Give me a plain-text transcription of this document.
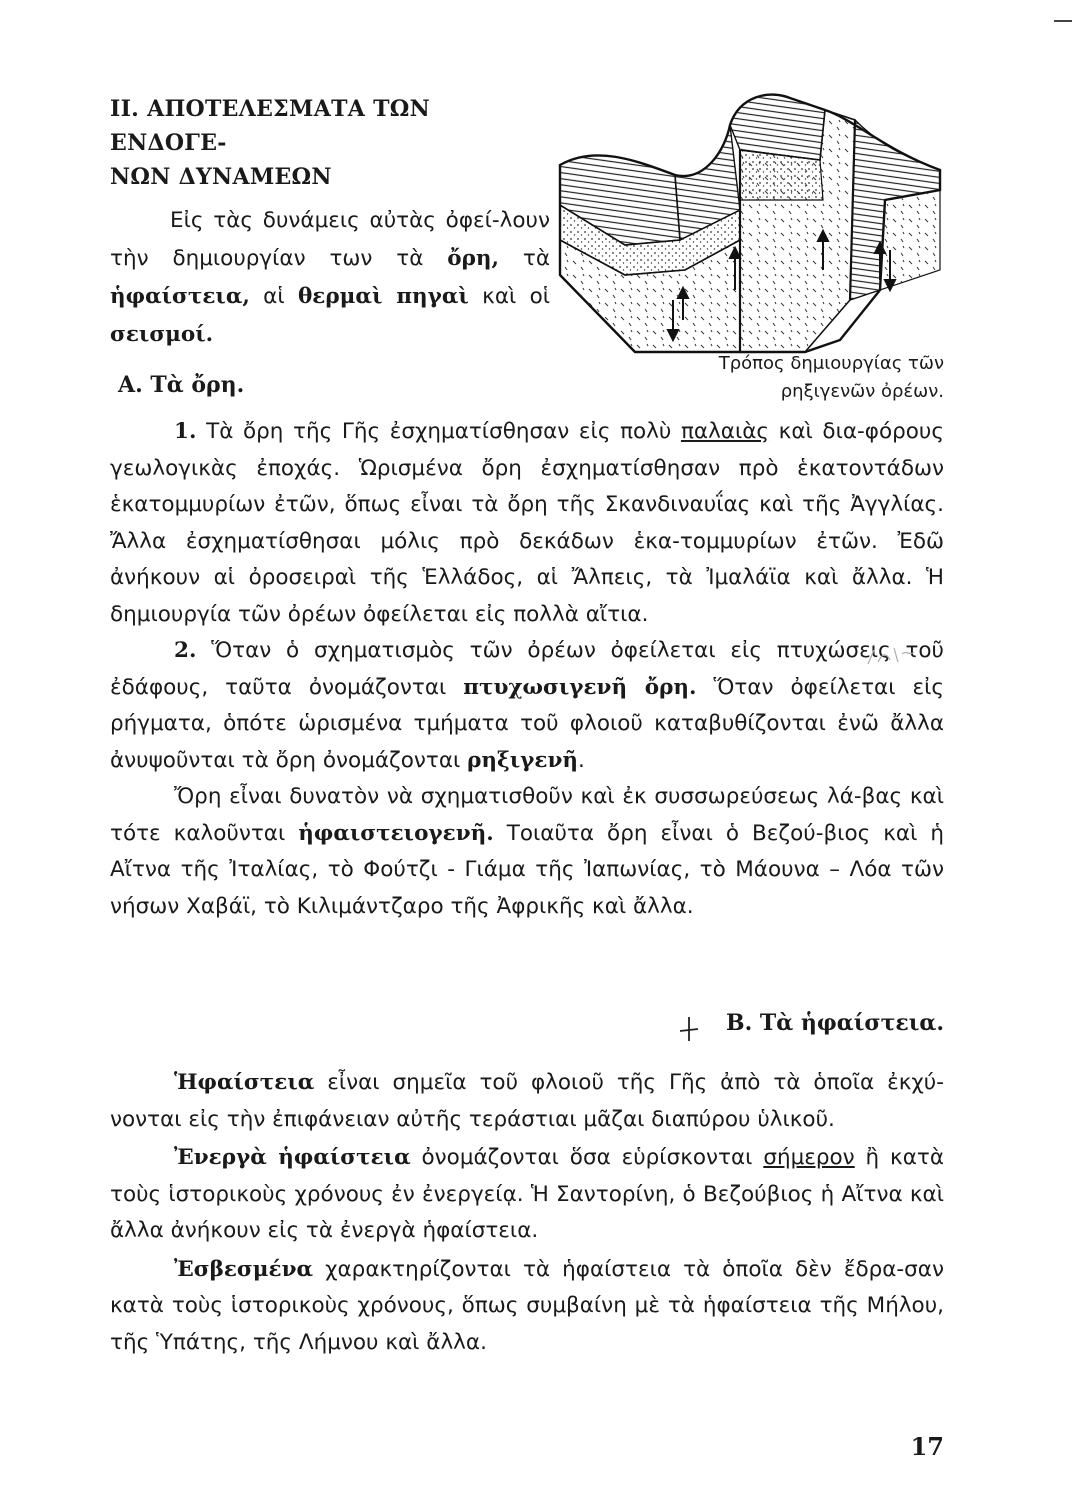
ΙΙ. ΑΠΟΤΕΛΕΣΜΑΤΑ ΤΩΝ ΕΝΔΟΓΕ-
ΝΩΝ ΔΥΝΑΜΕΩΝ

Εἰς τὰς δυνάμεις αὐτὰς ὀφεί-λουν τὴν δημιουργίαν των τὰ ὄρη, τὰ ἡφαίστεια, αἱ θερμαὶ πηγαὶ καὶ οἱ σεισμοί.

Τρόπος δημιουργίας τῶν
ρηξιγενῶν ὀρέων.
Α. Τὰ ὄρη.

1. Τὰ ὄρη τῆς Γῆς ἐσχηματίσθησαν εἰς πολὺ παλαιὰς καὶ δια-φόρους γεωλογικὰς ἐποχάς. Ὡρισμένα ὄρη ἐσχηματίσθησαν πρὸ ἑκατοντάδων ἑκατομμυρίων ἐτῶν, ὅπως εἶναι τὰ ὄρη τῆς Σκανδιναυΐας καὶ τῆς Ἀγγλίας. Ἄλλα ἐσχηματίσθησαι μόλις πρὸ δεκάδων ἑκα-τομμυρίων ἐτῶν. Ἐδῶ ἀνήκουν αἱ ὀροσειραὶ τῆς Ἑλλάδος, αἱ Ἄλπεις, τὰ Ἰμαλάϊα καὶ ἄλλα. Ἡ δημιουργία τῶν ὀρέων ὀφείλεται εἰς πολλὰ αἴτια.

2. Ὅταν ὁ σχηματισμὸς τῶν ὀρέων ὀφείλεται εἰς πτυχώσεις τοῦ ἐδάφους, ταῦτα ὀνομάζονται πτυχωσιγενῆ ὄρη. Ὅταν ὀφείλεται εἰς ρήγματα, ὁπότε ὡρισμένα τμήματα τοῦ φλοιοῦ καταβυθίζονται ἐνῶ ἄλλα ἀνυψοῦνται τὰ ὄρη ὀνομάζονται ρηξιγενῆ.

Ὄρη εἶναι δυνατὸν νὰ σχηματισθοῦν καὶ ἐκ συσσωρεύσεως λά-βας καὶ τότε καλοῦνται ἡφαιστειογενῆ. Τοιαῦτα ὄρη εἶναι ὁ Βεζού-βιος καὶ ἡ Αἴτνα τῆς Ἰταλίας, τὸ Φούτζι - Γιάμα τῆς Ἰαπωνίας, τὸ Μάουνα – Λόα τῶν νήσων Χαβάϊ, τὸ Κιλιμάντζαρο τῆς Ἀφρικῆς καὶ ἄλλα.

Β. Τὰ ἡφαίστεια.

Ἡφαίστεια εἶναι σημεῖα τοῦ φλοιοῦ τῆς Γῆς ἀπὸ τὰ ὁποῖα ἐκχύ-νονται εἰς τὴν ἐπιφάνειαν αὐτῆς τεράστιαι μᾶζαι διαπύρου ὑλικοῦ.

Ἐνεργὰ ἡφαίστεια ὀνομάζονται ὅσα εὑρίσκονται σήμερον ἢ κατὰ τοὺς ἱστορικοὺς χρόνους ἐν ἐνεργείᾳ. Ἡ Σαντορίνη, ὁ Βεζούβιος ἡ Αἴτνα καὶ ἄλλα ἀνήκουν εἰς τὰ ἐνεργὰ ἡφαίστεια.

Ἐσβεσμένα χαρακτηρίζονται τὰ ἡφαίστεια τὰ ὁποῖα δὲν ἔδρα-σαν κατὰ τοὺς ἱστορικοὺς χρόνους, ὅπως συμβαίνη μὲ τὰ ἡφαίστεια τῆς Μήλου, τῆς Ὑπάτης, τῆς Λήμνου καὶ ἄλλα.

17
